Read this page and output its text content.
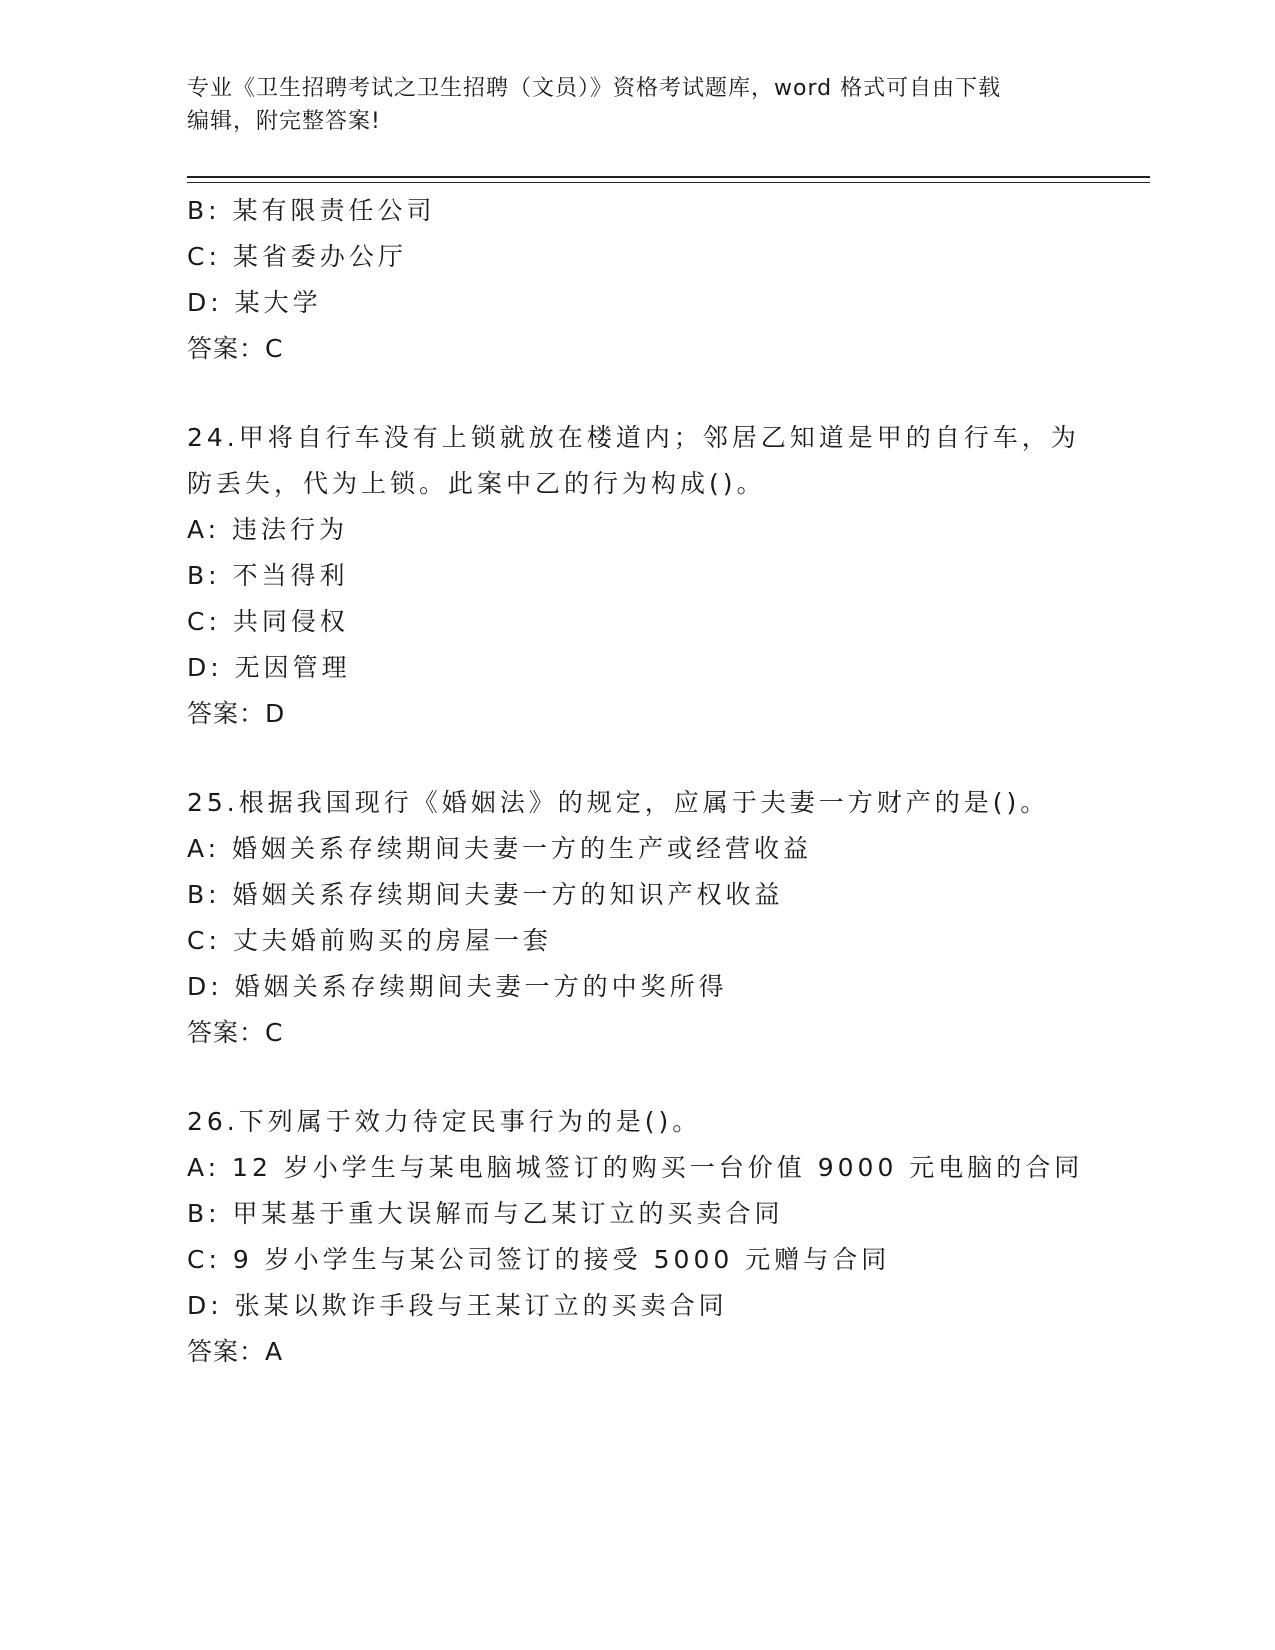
专业《卫生招聘考试之卫生招聘（文员）》资格考试题库，word 格式可自由下载
编辑，附完整答案!
B: 某有限责任公司
C: 某省委办公厅
D: 某大学
答案：C
24.甲将自行车没有上锁就放在楼道内；邻居乙知道是甲的自行车，为
防丢失，代为上锁。此案中乙的行为构成()。
A: 违法行为
B: 不当得利
C: 共同侵权
D: 无因管理
答案：D
25.根据我国现行《婚姻法》的规定，应属于夫妻一方财产的是()。
A: 婚姻关系存续期间夫妻一方的生产或经营收益
B: 婚姻关系存续期间夫妻一方的知识产权收益
C: 丈夫婚前购买的房屋一套
D: 婚姻关系存续期间夫妻一方的中奖所得
答案：C
26.下列属于效力待定民事行为的是()。
A: 12 岁小学生与某电脑城签订的购买一台价值 9000 元电脑的合同
B: 甲某基于重大误解而与乙某订立的买卖合同
C: 9 岁小学生与某公司签订的接受 5000 元赠与合同
D: 张某以欺诈手段与王某订立的买卖合同
答案：A
